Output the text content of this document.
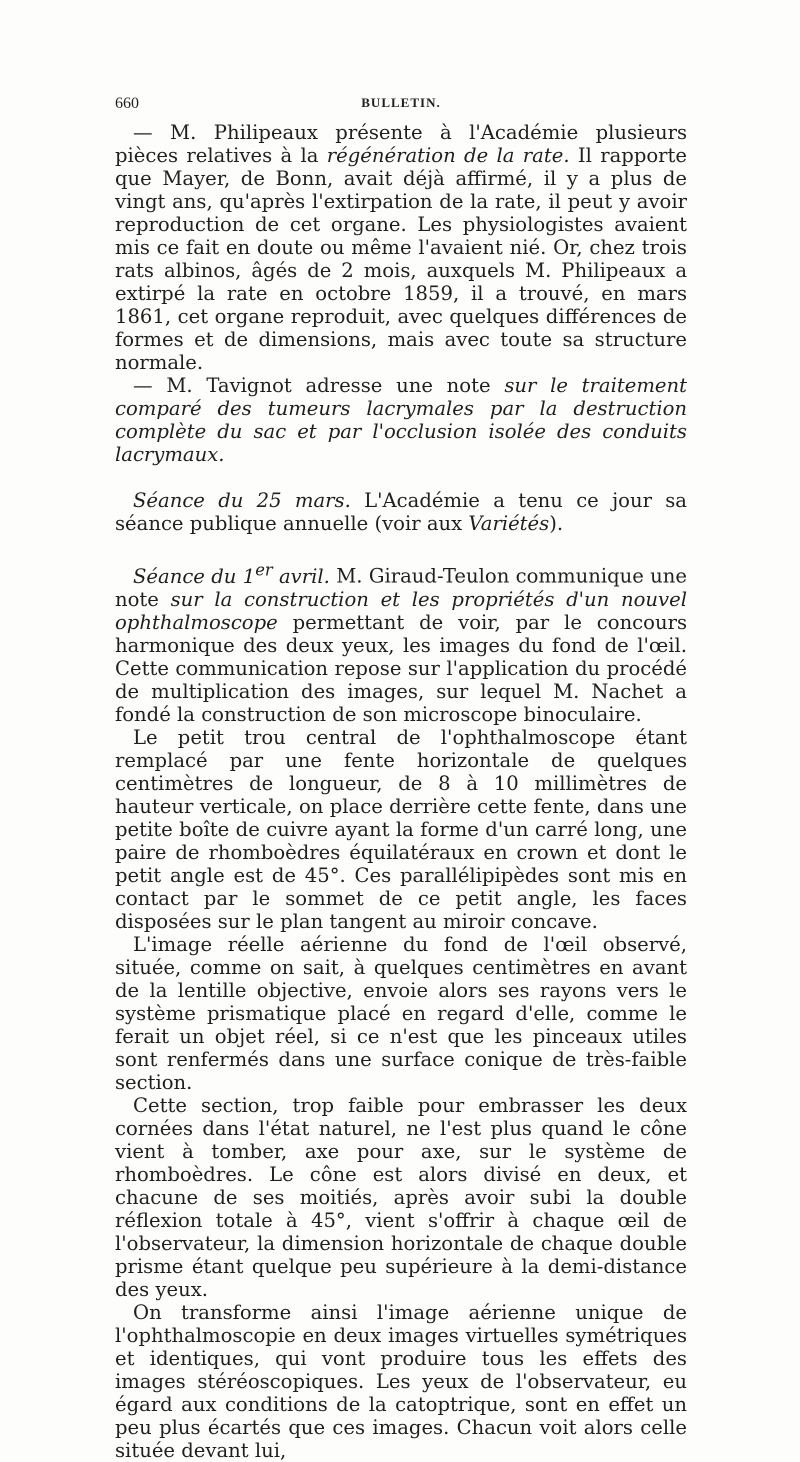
660	BULLETIN.

— M. Philipeaux présente à l'Académie plusieurs pièces relatives à la régénération de la rate. Il rapporte que Mayer, de Bonn, avait déjà affirmé, il y a plus de vingt ans, qu'après l'extirpation de la rate, il peut y avoir reproduction de cet organe. Les physiologistes avaient mis ce fait en doute ou même l'avaient nié. Or, chez trois rats albinos, âgés de 2 mois, auxquels M. Philipeaux a extirpé la rate en octobre 1859, il a trouvé, en mars 1861, cet organe reproduit, avec quelques différences de formes et de dimensions, mais avec toute sa structure normale.

— M. Tavignot adresse une note sur le traitement comparé des tumeurs lacrymales par la destruction complète du sac et par l'occlusion isolée des conduits lacrymaux.

Séance du 25 mars. L'Académie a tenu ce jour sa séance publique annuelle (voir aux Variétés).

Séance du 1er avril. M. Giraud-Teulon communique une note sur la construction et les propriétés d'un nouvel ophthalmoscope permettant de voir, par le concours harmonique des deux yeux, les images du fond de l'œil. Cette communication repose sur l'application du procédé de multiplication des images, sur lequel M. Nachet a fondé la construction de son microscope binoculaire.

Le petit trou central de l'ophthalmoscope étant remplacé par une fente horizontale de quelques centimètres de longueur, de 8 à 10 millimètres de hauteur verticale, on place derrière cette fente, dans une petite boîte de cuivre ayant la forme d'un carré long, une paire de rhomboèdres équilatéraux en crown et dont le petit angle est de 45°. Ces parallélipipèdes sont mis en contact par le sommet de ce petit angle, les faces disposées sur le plan tangent au miroir concave.

L'image réelle aérienne du fond de l'œil observé, située, comme on sait, à quelques centimètres en avant de la lentille objective, envoie alors ses rayons vers le système prismatique placé en regard d'elle, comme le ferait un objet réel, si ce n'est que les pinceaux utiles sont renfermés dans une surface conique de très-faible section.

Cette section, trop faible pour embrasser les deux cornées dans l'état naturel, ne l'est plus quand le cône vient à tomber, axe pour axe, sur le système de rhomboèdres. Le cône est alors divisé en deux, et chacune de ses moitiés, après avoir subi la double réflexion totale à 45°, vient s'offrir à chaque œil de l'observateur, la dimension horizontale de chaque double prisme étant quelque peu supérieure à la demi-distance des yeux.

On transforme ainsi l'image aérienne unique de l'ophthalmoscopie en deux images virtuelles symétriques et identiques, qui vont produire tous les effets des images stéréoscopiques. Les yeux de l'observateur, eu égard aux conditions de la catoptrique, sont en effet un peu plus écartés que ces images. Chacun voit alors celle située devant lui,
